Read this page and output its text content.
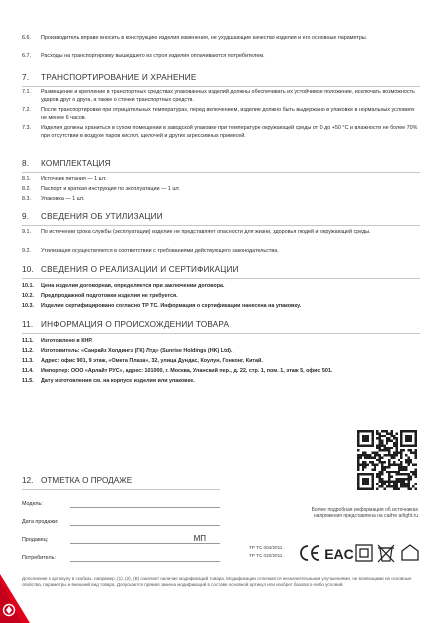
6.6.	Производитель вправе вносить в конструкцию изделия изменения, не ухудшающие качество изделия и его основные параметры.
6.7.	Расходы на транспортировку вышедшего из строя изделия оплачиваются потребителем.
7. ТРАНСПОРТИРОВАНИЕ И ХРАНЕНИЕ
7.1.	Размещение и крепление в транспортных средствах упакованных изделий должны обеспечивать их устойчивое положение, исключать возможность ударов друг о друга, а также о стенки транспортных средств.
7.2.	После транспортировки при отрицательных температурах, перед включением, изделие должно быть выдержано в упаковке в нормальных условиях не менее 6 часов.
7.3.	Изделия должны храниться в сухом помещении в заводской упаковке при температуре окружающей среды от 0 до +50 °С и влажности не более 70% при отсутствии в воздухе паров кислот, щелочей и других агрессивных примесей.
8. КОМПЛЕКТАЦИЯ
8.1.	Источник питания — 1 шт.
8.2.	Паспорт и краткая инструкция по эксплуатации — 1 шт.
8.3.	Упаковка — 1 шт.
9. СВЕДЕНИЯ ОБ УТИЛИЗАЦИИ
9.1.	По истечении срока службы (эксплуатации) изделие не представляет опасности для жизни, здоровья людей и окружающей среды.
9.2.	Утилизация осуществляется в соответствии с требованиями действующего законодательства.
10. СВЕДЕНИЯ О РЕАЛИЗАЦИИ И СЕРТИФИКАЦИИ
10.1.	Цена изделия договорная, определяется при заключении договора.
10.2.	Предпродажной подготовки изделия не требуется.
10.3.	Изделие сертифицировано согласно ТР ТС. Информация о сертификации нанесена на упаковку.
11. ИНФОРМАЦИЯ О ПРОИСХОЖДЕНИИ ТОВАРА
11.1.	Изготовлено в КНР.
11.2.	Изготовитель: «Санрайз Холдингз (ГК) Лтд» (Sunrise Holdings (HK) Ltd).
11.3.	Адрес: офис 901, 9 этаж, «Омега Плаза», 32, улица Дундас, Коулун, Гонконг, Китай.
11.4.	Импортер: ООО «Арлайт РУС», адрес: 101000, г. Москва, Уланский пер., д. 22, стр. 1, пом. 1, этаж 5, офис 501.
11.5.	Дату изготовления см. на корпусе изделия или упаковке.
12. ОТМЕТКА О ПРОДАЖЕ
Модель:
Дата продажи:
Продавец:	МП
Потребитель:
Более подробная информация об источниках напряжения представлена на сайте arlight.ru
ТР ТС 004/2011
ТР ТС 020/2011	EAC
Дополнение к артикулу в скобках, например, (1), (2), (B) означает наличие модификаций товара. Модификации отличаются незначительными улучшениями, не влияющими на основные свойства, параметры и внешний вид товара. Допускается прямая замена модификаций в составе основной артикул или изобрет базового-либо условий.
